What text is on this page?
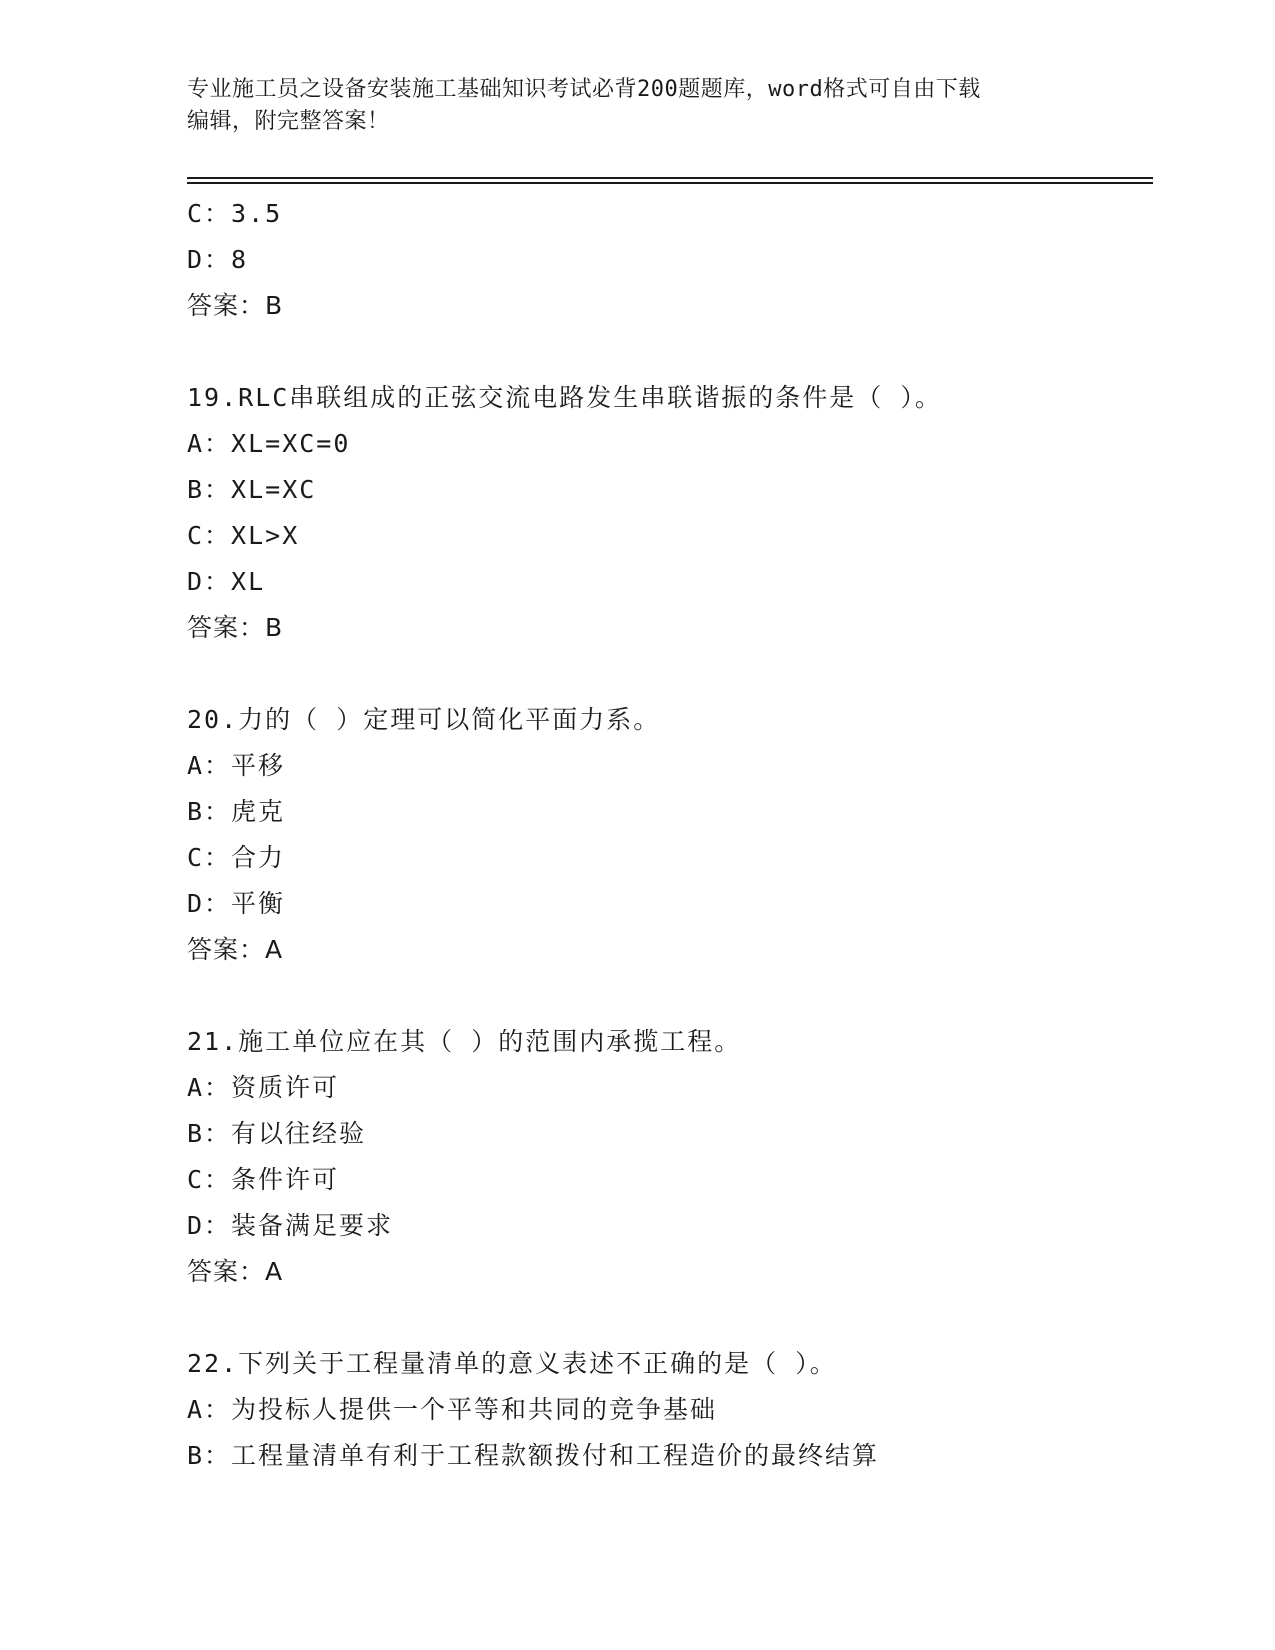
专业施工员之设备安装施工基础知识考试必背200题题库，word格式可自由下载
编辑，附完整答案！
C：3.5
D：8
答案：B
19.RLC串联组成的正弦交流电路发生串联谐振的条件是（ ）。
A：XL=XC=0
B：XL=XC
C：XL>X
D：XL
答案：B
20.力的（ ）定理可以简化平面力系。
A：平移
B：虎克
C：合力
D：平衡
答案：A
21.施工单位应在其（ ）的范围内承揽工程。
A：资质许可
B：有以往经验
C：条件许可
D：装备满足要求
答案：A
22.下列关于工程量清单的意义表述不正确的是（ ）。
A：为投标人提供一个平等和共同的竞争基础
B：工程量清单有利于工程款额拨付和工程造价的最终结算
